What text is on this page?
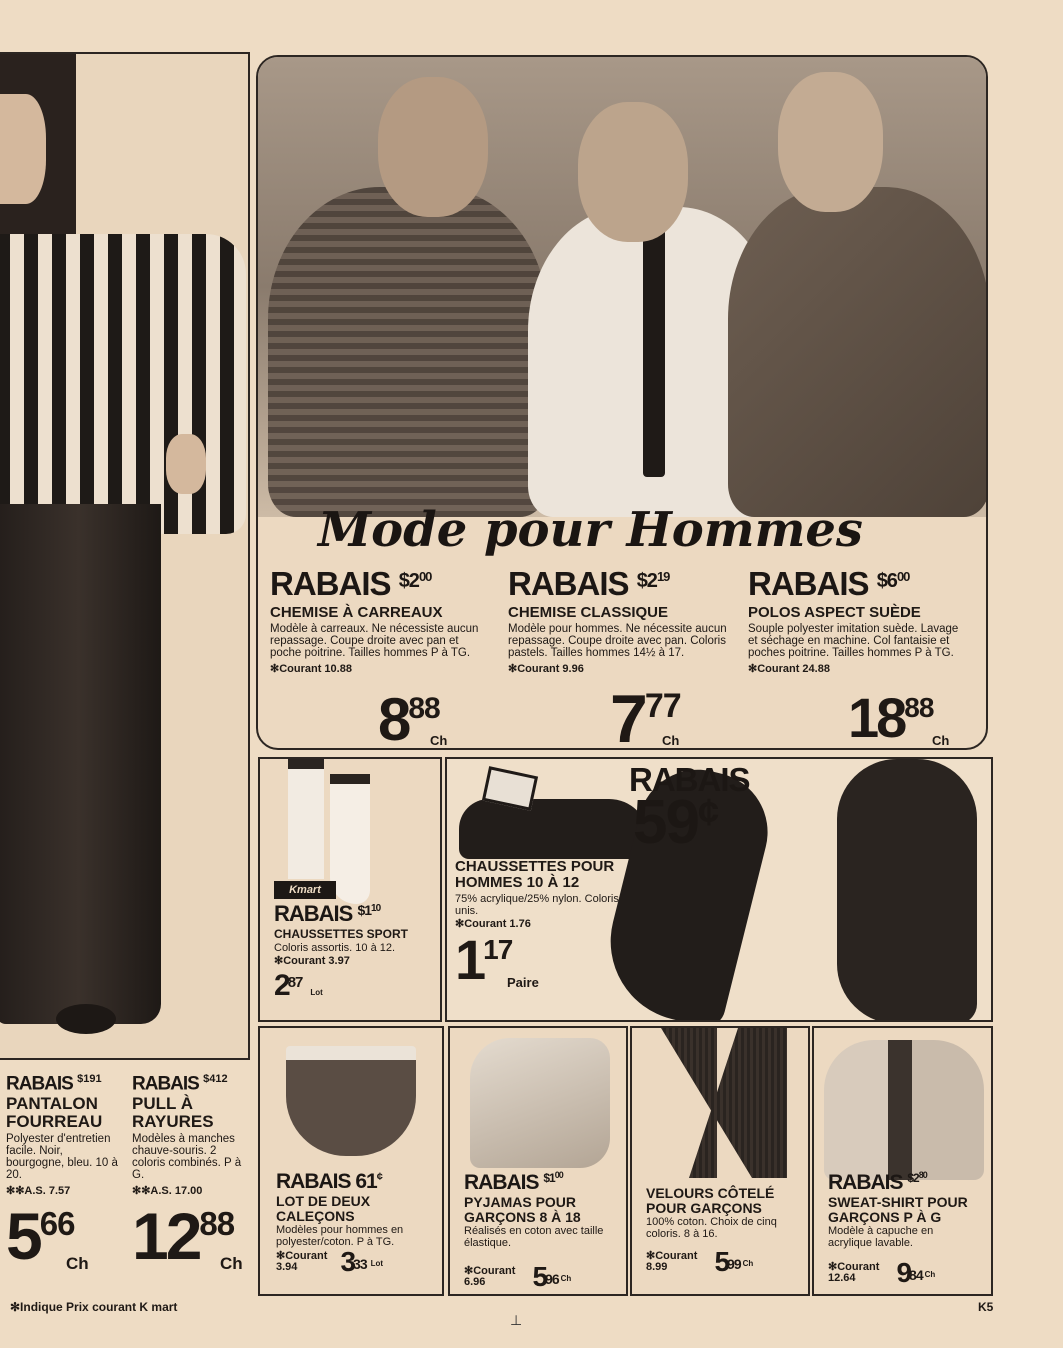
RABAIS $^{\$191}$
PANTALON
FOURREAU
Polyester d'entretien facile. Noir, bourgogne, bleu. 10 à 20.
✻✻A.S. 7.57
$5^{66}$
Ch
RABAIS $^{\$412}$
PULL À
RAYURES
Modèles à manches chauve-souris. 2 coloris combinés. P à G.
✻✻A.S. 17.00
$12^{88}$
Ch
Mode pour Hommes
RABAIS $^{\$2^{00}}$
CHEMISE À CARREAUX
Modèle à carreaux. Ne nécessiste aucun repassage. Coupe droite avec pan et poche poitrine. Tailles hommes P à TG.
✻Courant 10.88
$8^{88}$
Ch
RABAIS $^{\$2^{19}}$
CHEMISE CLASSIQUE
Modèle pour hommes. Ne nécessite aucun repassage. Coupe droite avec pan. Coloris pastels. Tailles hommes 14½ à 17.
✻Courant 9.96
$7^{77}$
Ch
RABAIS $^{\$6^{00}}$
POLOS ASPECT SUÈDE
Souple polyester imitation suède. Lavage et séchage en machine. Col fantaisie et poches poitrine. Tailles hommes P à TG.
✻Courant 24.88
$18^{88}$
Ch
Kmart
RABAIS $^{\$1^{10}}$
CHAUSSETTES SPORT
Coloris assortis. 10 à 12.
✻Courant 3.97
$2^{87}Lot$
RABAIS
59¢
CHAUSSETTES POUR
HOMMES 10 À 12
75% acrylique/25% nylon. Coloris unis.
✻Courant 1.76
$1^{17}$
Paire
RABAIS 61¢
LOT DE DEUX
CALEÇONS
Modèles pour hommes en polyester/coton. P à TG.
✻Courant
3.94 $3^{33}$ Lot
RABAIS $^{\$1^{00}}$
PYJAMAS POUR
GARÇONS 8 À 18
Réalisés en coton avec taille élastique.
✻Courant
6.96 $5^{96}$ Ch
VELOURS CÔTELÉ
POUR GARÇONS
100% coton. Choix de cinq coloris. 8 à 16.
✻Courant
8.99 $5^{99}$ Ch
RABAIS $^{\$2^{80}}$
SWEAT-SHIRT POUR
GARÇONS P À G
Modèle à capuche en acrylique lavable.
✻Courant
12.64 $9^{84}$ Ch
✻Indique Prix courant K mart
⊥
K5
